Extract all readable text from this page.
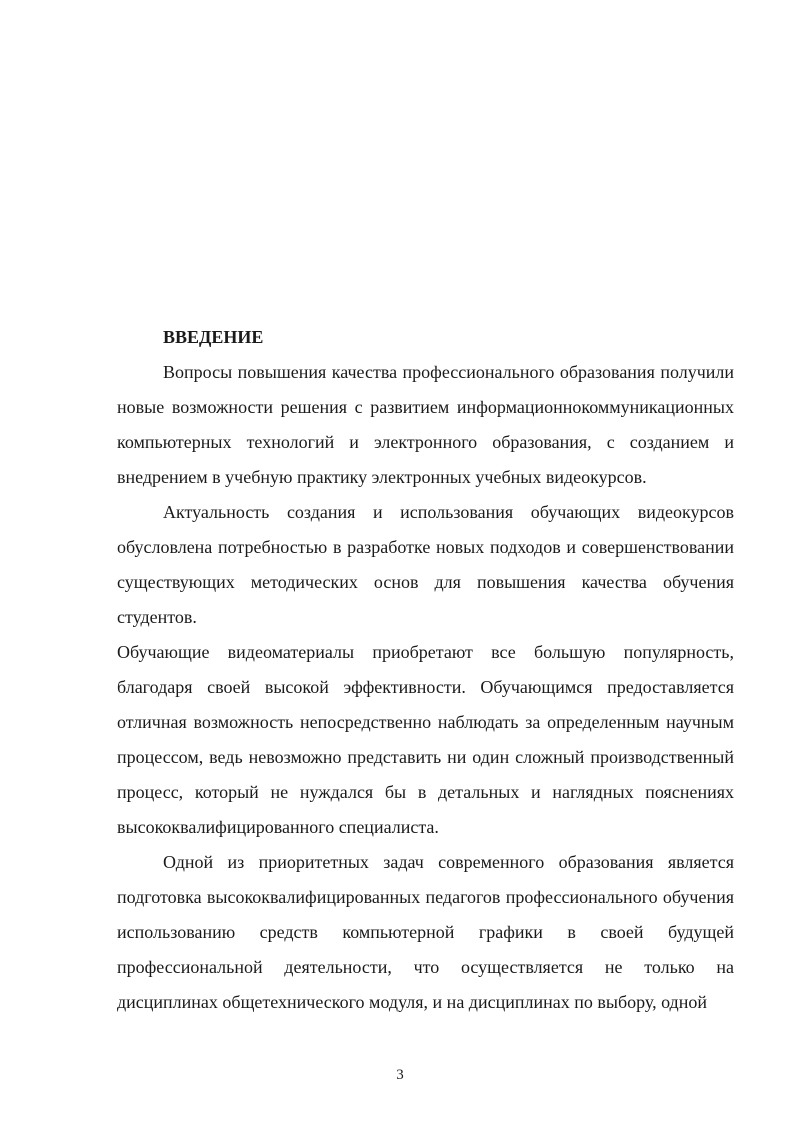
ВВЕДЕНИЕ

Вопросы повышения качества профессионального образования получили новые возможности решения с развитием информационнокоммуникационных компьютерных технологий и электронного образования, с созданием и внедрением в учебную практику электронных учебных видеокурсов.

Актуальность создания и использования обучающих видеокурсов обусловлена потребностью в разработке новых подходов и совершенствовании существующих методических основ для повышения качества обучения студентов.

Обучающие видеоматериалы приобретают все большую популярность, благодаря своей высокой эффективности. Обучающимся предоставляется отличная возможность непосредственно наблюдать за определенным научным процессом, ведь невозможно представить ни один сложный производственный процесс, который не нуждался бы в детальных и наглядных пояснениях высококвалифицированного специалиста.

Одной из приоритетных задач современного образования является подготовка высококвалифицированных педагогов профессионального обучения использованию средств компьютерной графики в своей будущей профессиональной деятельности, что осуществляется не только на дисциплинах общетехнического модуля, и на дисциплинах по выбору, одной

3
